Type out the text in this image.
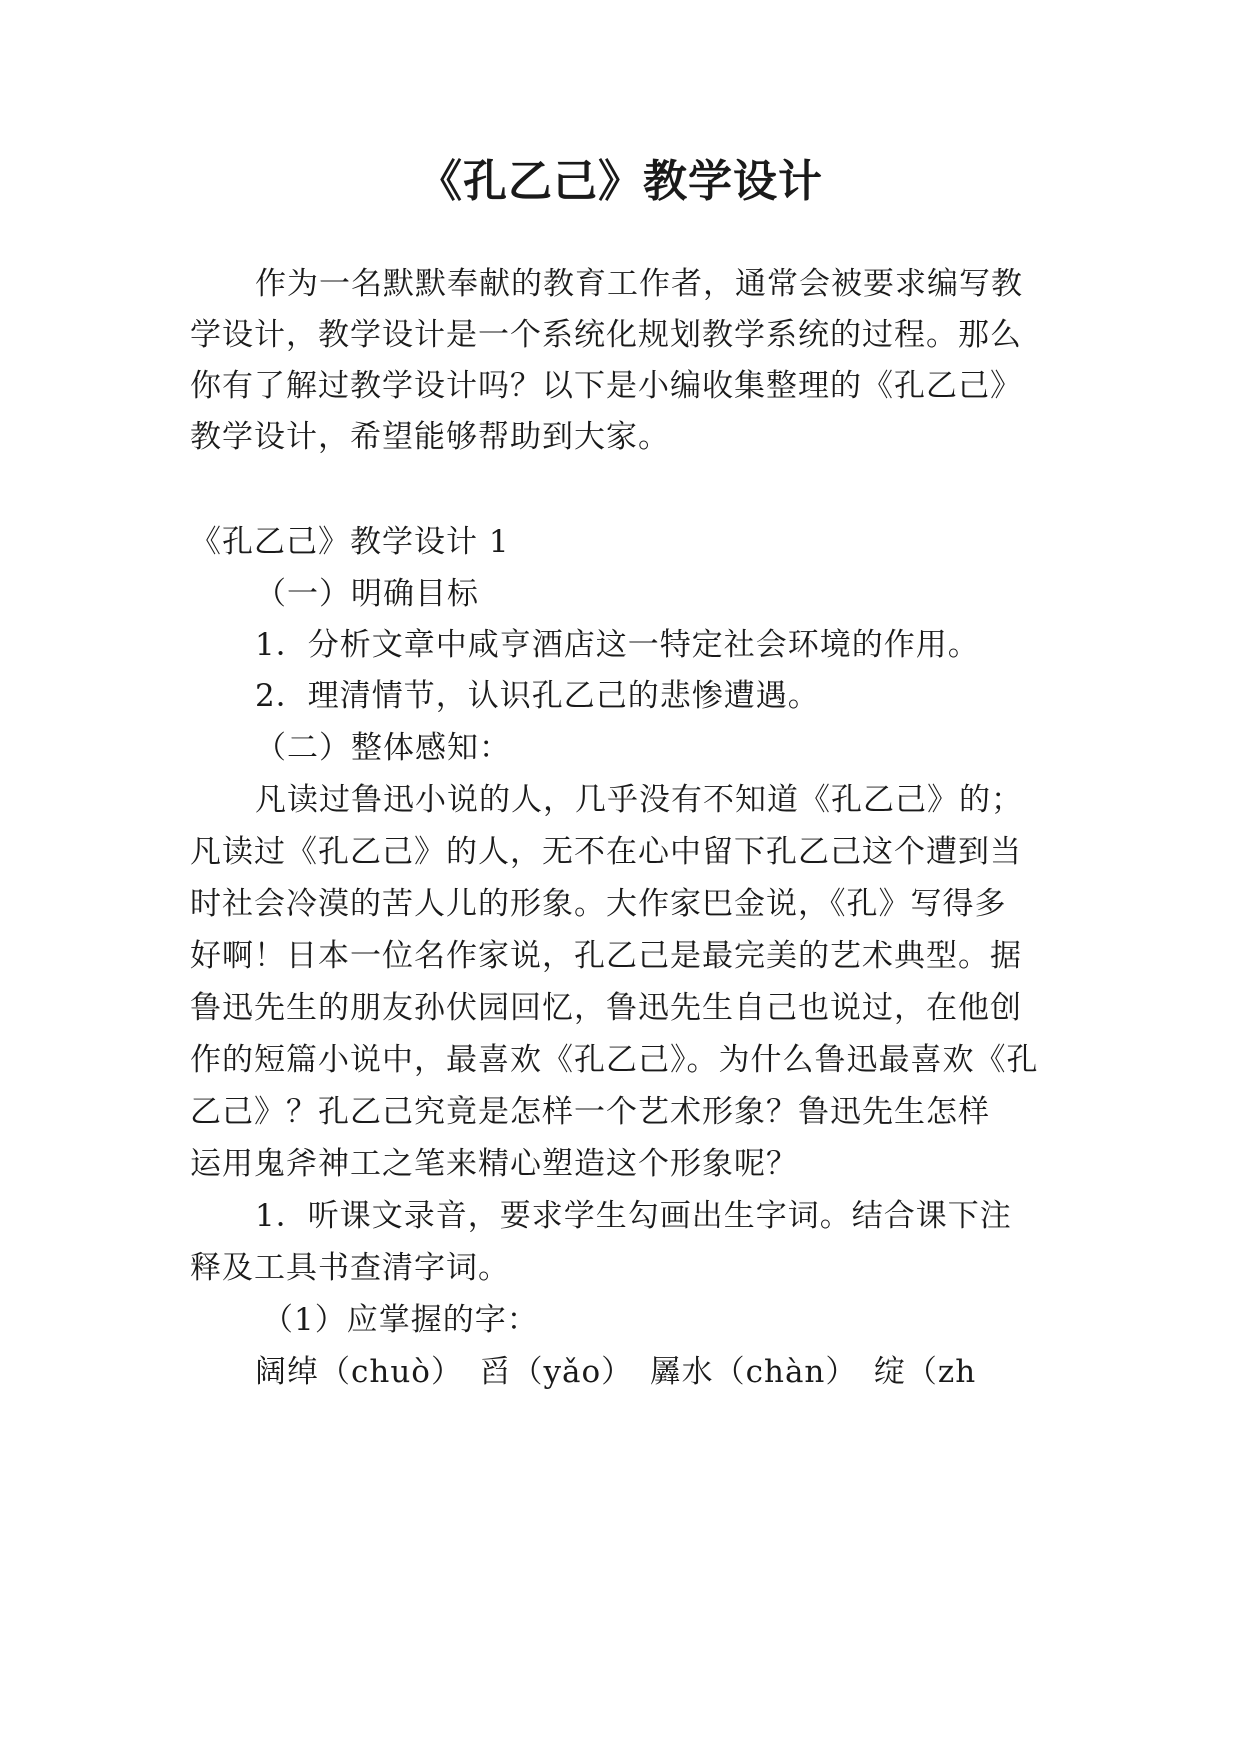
《孔乙己》教学设计
作为一名默默奉献的教育工作者，通常会被要求编写教
学设计，教学设计是一个系统化规划教学系统的过程。那么
你有了解过教学设计吗？以下是小编收集整理的《孔乙己》
教学设计，希望能够帮助到大家。
《孔乙己》教学设计 1
（一）明确目标
1．分析文章中咸亨酒店这一特定社会环境的作用。
2．理清情节，认识孔乙己的悲惨遭遇。
（二）整体感知：
凡读过鲁迅小说的人，几乎没有不知道《孔乙己》的；
凡读过《孔乙己》的人，无不在心中留下孔乙己这个遭到当
时社会冷漠的苦人儿的形象。大作家巴金说，《孔》写得多
好啊！日本一位名作家说，孔乙己是最完美的艺术典型。据
鲁迅先生的朋友孙伏园回忆，鲁迅先生自己也说过，在他创
作的短篇小说中，最喜欢《孔乙己》。为什么鲁迅最喜欢《孔
乙己》？孔乙己究竟是怎样一个艺术形象？鲁迅先生怎样
运用鬼斧神工之笔来精心塑造这个形象呢？
1．听课文录音，要求学生勾画出生字词。结合课下注
释及工具书查清字词。
（1）应掌握的字：
阔绰（chuò）　舀（yǎo）　羼水（chàn）　绽（zh
